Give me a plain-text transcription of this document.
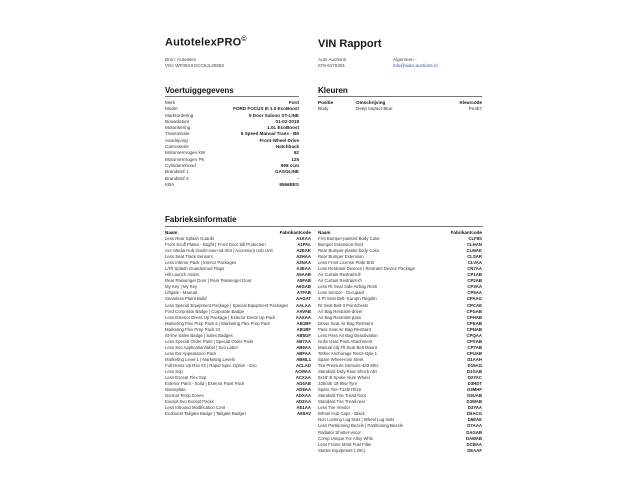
AutotelexPRO©	VIN Rapport
Bron: Autotelex
VIN: WF05XXGCC5JL30553
Auto Auctions
078-6176361
Algemeen -
info@auto-auctions.nl
Voertuiggegevens
Merk	Ford
Model	FORD FOCUS III 1.0 EcoBoost
Marktordering	5 Door Saloon ST-LINE
Bouwdatum	01-02-2018
Motorisering	1.0L EcoBoost
Transmissie	6 Speed Manual Trans - B6
Aandrijving	Front-Wheel Drive
Carrosserie	Hatchback
Motorvermogen kW	92
Motorvermogen PK	125
Cylinderinhoud	998 ccm
Brandstof 1	GASOLINE
Brandstof 2	-
KBA	8566BES
Kleuren
Positie	Omschrijving	Kleurcode
Body	Deep Impact Blue	Pn4b7
Fabrieksinformatie
Naam	Fabrikantcode
Less Rear Splash Guards	A1KAA
Front Scuff Plates - Bright | Front Door Sill Protection	A1PAL
Acc Media Hub 2xusb+aux+sd Slot | Accessory Usb Unit	A2EAK
Less Seat Track Sensors	A2HAA
Less Interior Pack | Interior Packages	A2NAA
L/Flt Splash Guards/mud Flaps	A3EAA
Hill Launch Assist	A5AAB
Rear Passenger Door | Rear Passenger Door	A5FAB
My Key | My Key	A6GAB
Liftgate - Manual	A7FAB
Seamless Plaint Build	AAGAT
Less Special Equipment Package | Special Equipment Packages	AALAA
Ford Corporate Badge | Corporate Badge	AAVAB
Less Exterior Dress Up Package | Exterior Dress Up Pack	AAXAA
Marketing Flex Prep Pack 6 | Marketing Flex Prep Pack	AB1BF
Marketing Flex Prep Pack 24	AB1BF
St-line Sales Badge | Sales Badges	AB5GF
Less Special Order Paint | Special Order Paint	AB7AA
Less Svo Application/label | Svo Label	AB9AA
Less Ext Appearance Pack	ABFAA
Marketing Level 1 | Marketing Levels	ABML1
Full Dress Up Rso #2 | Rapid Spec Option - Eso	ACLAD
Less Svp	ACMAA
Less Except Flex Svp	ACXAA
Exterior Paint - Solid | Exterior Paint Pack	AD4AB
Nameplate	AD8AA
Normal Temp Zones	ADXAA
Except Svo Except Packs	ADZAA
Less Inbound Modification Cent	AE1AA
Ecoboost Tailgate Badge | Tailgate Badges	AE8AV
Naam	Fabrikantcode
Frnt Bumper-painted Body Color	CLF8S
Bumper Extension-front	CLHAN
Rear Bumper-plastic-body Color	CLMAK
Rear Bumper Extension	CLSAR
Less Front License Plate Brkt	CLVAA
Less Restraint Devices | Restraint Device Package	CN7AA
Air Curtain Restraint-lh	CP1AB
Air Curtain Restraint-rh	CP2AB
Less Rr Seat Side Airbag Restr	CP3AA
Less Sensor - Occupant	CP5AA
3 Pt Seat Belt- Europn Regultn	CPAAG
Rr Seat Belt-3 Pointchests	CPCAE
Air Bag Restraint-driver	CPGAB
Air Bag Restraint-pass	CPHAB
Driver Seat Air Bag Restraint	CPKAB
Pass Seat Air Bag Restraint	CPNAB
Less Pass Air Bag Deactivation	CPQAA
Isofix Hard Point Attachment	CPSAB
Manual Adj Flt Seat Belt Mount	CPTAB
Tether Anchorage Restr-style 1	CPUAB
Spare Wheel-mini Steel	D1AAH
Tire Pressure Sensors-433 Mhz	D19AG
Standard Duty Rear Shock Abs	D1GAB
8x18' B Spoke Alum Wheel	D2YAC
235/40r 18 95w Tyre	D3HDT
Spare Tire-T125/70/16	D3MHF
Standard Tire Tread-front	D3UAB
Standard Tire Tread-rear	D3WAB
Less Tire Vendor	D3YAA
Wheel Hub Caps - Black	D5ACG
Non Locking Lug Nuts | Wheel Lug Nuts	D5EAE
Less Partitioning Bezels | Partitioning Bezels	D7AAA
Radiator Shutter-vscor	DAGAB
Comp Unique For Alloy Whls	DAWAB
Less Frame Mntd Fuel Filter	DCBAA
Starter Equipment (-29c)	DEAAF
